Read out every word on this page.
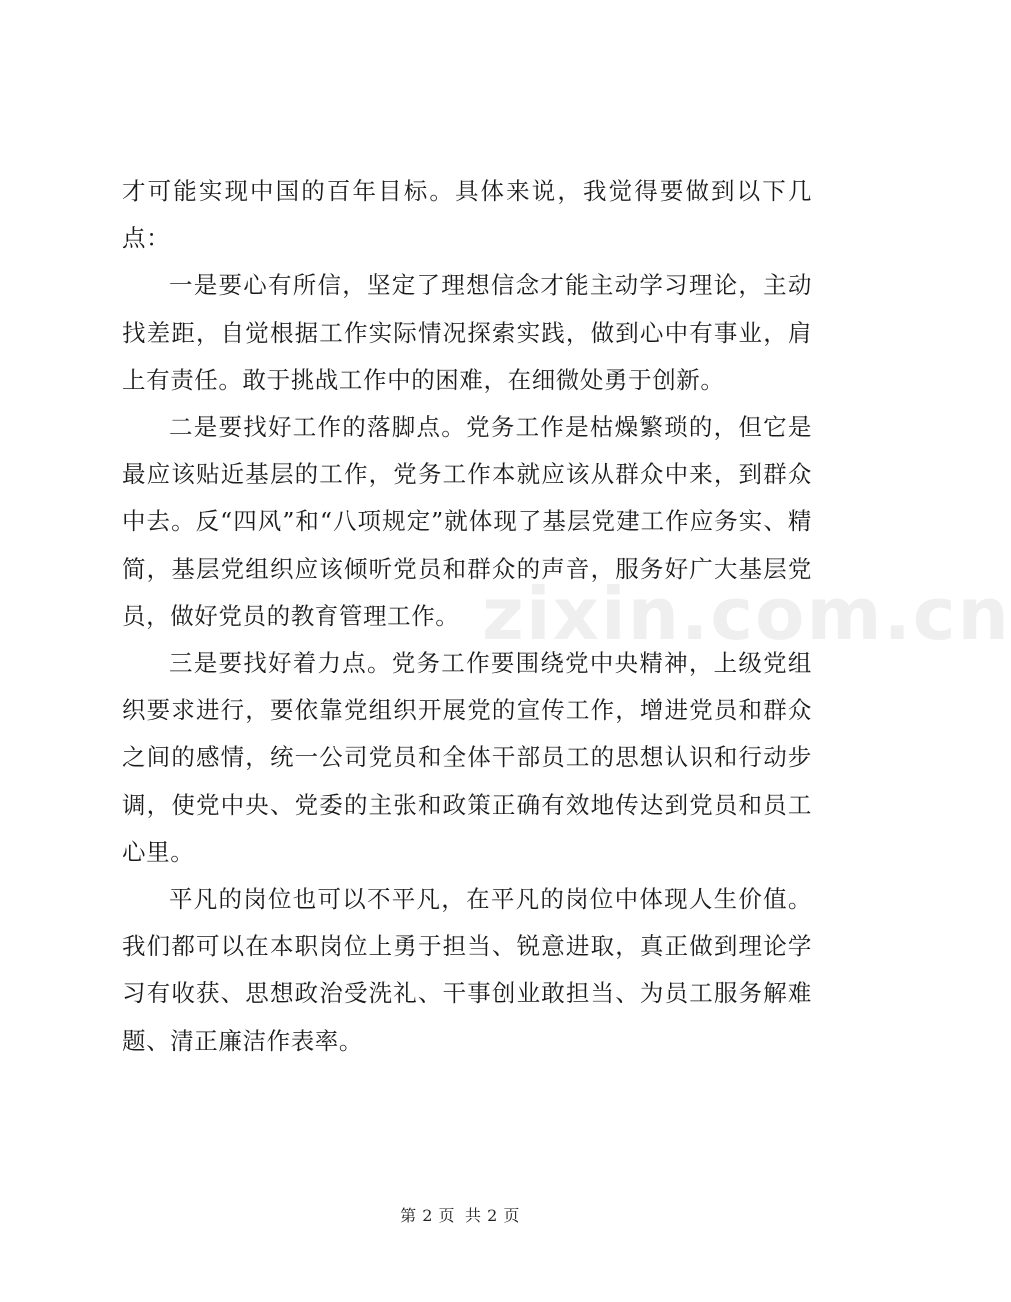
才可能实现中国的百年目标。具体来说，我觉得要做到以下几点：

一是要心有所信，坚定了理想信念才能主动学习理论，主动找差距，自觉根据工作实际情况探索实践，做到心中有事业，肩上有责任。敢于挑战工作中的困难，在细微处勇于创新。

二是要找好工作的落脚点。党务工作是枯燥繁琐的，但它是最应该贴近基层的工作，党务工作本就应该从群众中来，到群众中去。反“四风”和“八项规定”就体现了基层党建工作应务实、精简，基层党组织应该倾听党员和群众的声音，服务好广大基层党员，做好党员的教育管理工作。

三是要找好着力点。党务工作要围绕党中央精神，上级党组织要求进行，要依靠党组织开展党的宣传工作，增进党员和群众之间的感情，统一公司党员和全体干部员工的思想认识和行动步调，使党中央、党委的主张和政策正确有效地传达到党员和员工心里。

平凡的岗位也可以不平凡，在平凡的岗位中体现人生价值。我们都可以在本职岗位上勇于担当、锐意进取，真正做到理论学习有收获、思想政治受洗礼、干事创业敢担当、为员工服务解难题、清正廉洁作表率。

zixin.com.cn
第 2 页 共 2 页
